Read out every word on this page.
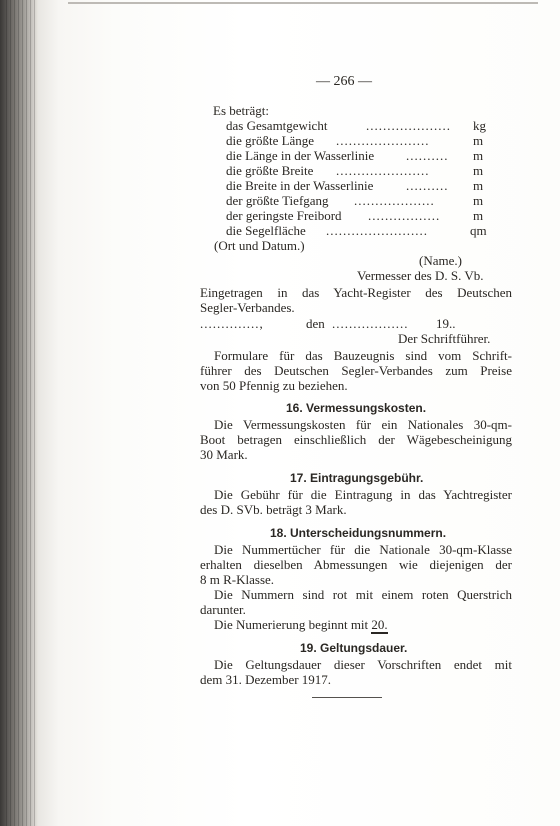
— 266 —
Es beträgt:
das Gesamtgewicht	.................... kg
die größte Länge ......................	m
die Länge in der Wasserlinie .......... m
die größte Breite ......................	m
die Breite in der Wasserlinie	.......... m
der größte Tiefgang ...................	m
der geringste Freibord .................	m
die Segelfläche ........................	qm
(Ort und Datum.)
(Name.)
Vermesser des D. S. Vb.
Eingetragen in das Yacht-Register des Deutschen
Segler-Verbandes.
..............,	den .................. 19..
Der Schriftführer.
Formulare für das Bauzeugnis sind vom Schrift-
führer des Deutschen Segler-Verbandes zum Preise
von 50 Pfennig zu beziehen.
16. Vermessungskosten.
Die Vermessungskosten für ein Nationales 30-qm-
Boot betragen einschließlich der Wägebescheinigung
30 Mark.
17. Eintragungsgebühr.
Die Gebühr für die Eintragung in das Yachtregister
des D. SVb. beträgt 3 Mark.
18. Unterscheidungsnummern.
Die Nummertücher für die Nationale 30-qm-Klasse
erhalten dieselben Abmessungen wie diejenigen der
8 m R-Klasse.
Die Nummern sind rot mit einem roten Querstrich
darunter.
Die Numerierung beginnt mit 20.
19. Geltungsdauer.
Die Geltungsdauer dieser Vorschriften endet mit
dem 31. Dezember 1917.
